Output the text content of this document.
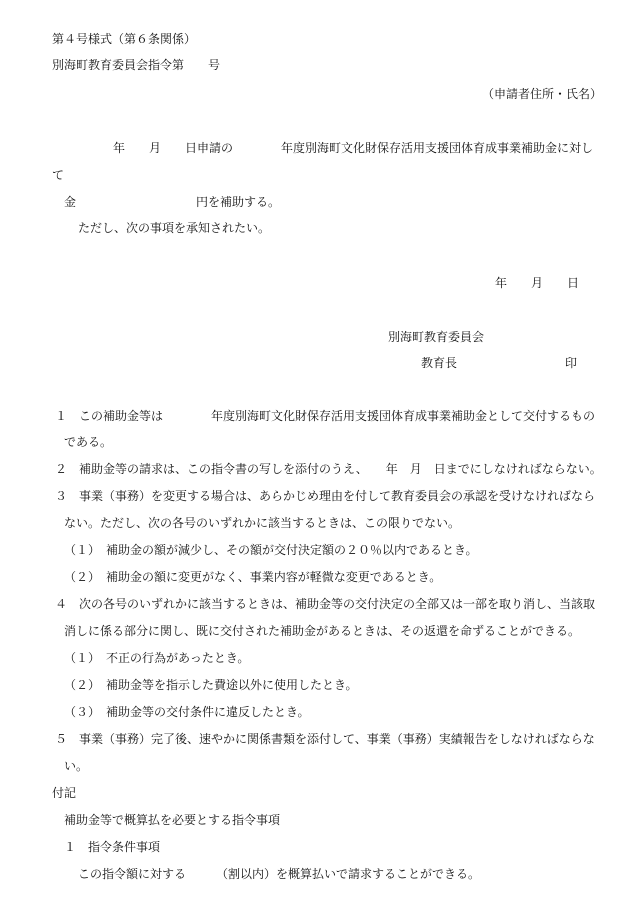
第４号様式（第６条関係）
別海町教育委員会指令第　　号
（申請者住所・氏名）
年　　月　　日申請の　　　　年度別海町文化財保存活用支援団体育成事業補助金に対し
て
金　　　　　　　　　　円を補助する。
ただし、次の事項を承知されたい。
年　　月　　日
別海町教育委員会
教育長　　　　　　　　　印
１　この補助金等は　　　　年度別海町文化財保存活用支援団体育成事業補助金として交付するもの
である。
２　補助金等の請求は、この指令書の写しを添付のうえ、　　年　月　日までにしなければならない。
３　事業（事務）を変更する場合は、あらかじめ理由を付して教育委員会の承認を受けなければなら
ない。ただし、次の各号のいずれかに該当するときは、この限りでない。
（１）　補助金の額が減少し、その額が交付決定額の２０％以内であるとき。
（２）　補助金の額に変更がなく、事業内容が軽微な変更であるとき。
４　次の各号のいずれかに該当するときは、補助金等の交付決定の全部又は一部を取り消し、当該取
消しに係る部分に関し、既に交付された補助金があるときは、その返還を命ずることができる。
（１）　不正の行為があったとき。
（２）　補助金等を指示した費途以外に使用したとき。
（３）　補助金等の交付条件に違反したとき。
５　事業（事務）完了後、速やかに関係書類を添付して、事業（事務）実績報告をしなければならな
い。
付記
補助金等で概算払を必要とする指令事項
１　指令条件事項
この指令額に対する　　　（割以内）を概算払いで請求することができる。
